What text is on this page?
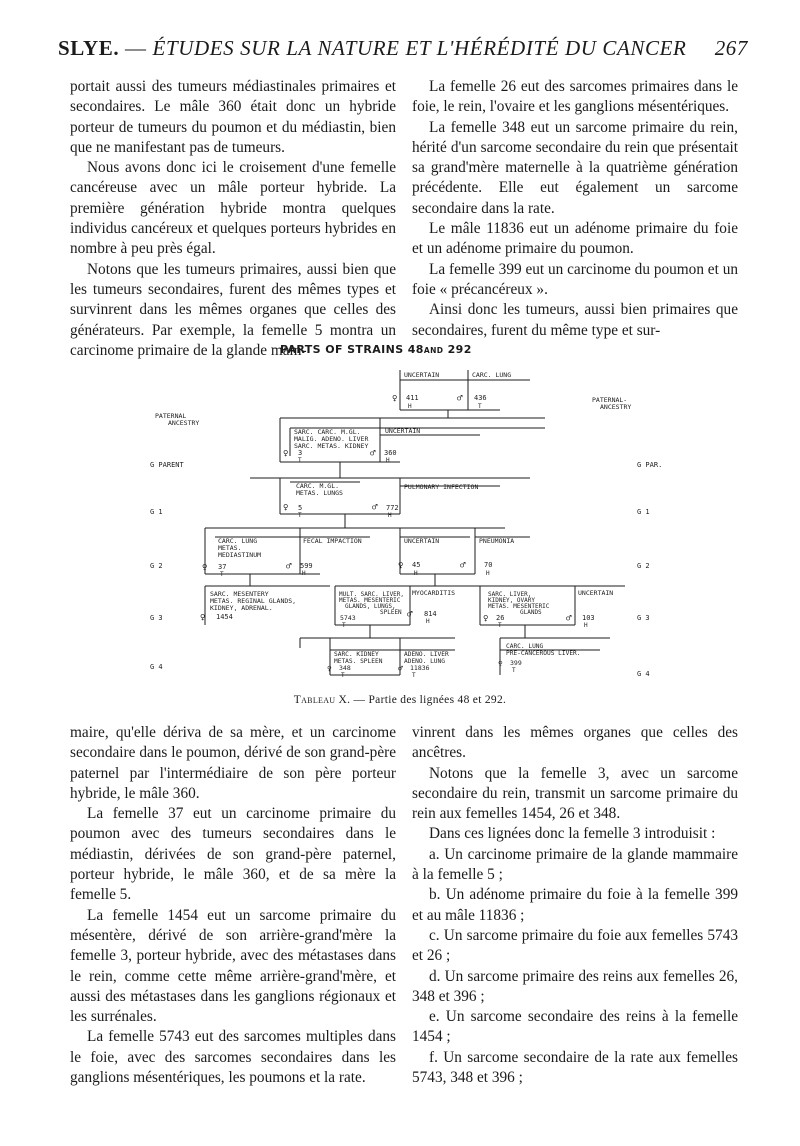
SLYE. — ÉTUDES SUR LA NATURE ET L'HÉRÉDITÉ DU CANCER 267

portait aussi des tumeurs médiastinales primaires et secondaires. Le mâle 360 était donc un hybride porteur de tumeurs du poumon et du médiastin, bien que ne manifestant pas de tumeurs.

Nous avons donc ici le croisement d'une femelle cancéreuse avec un mâle porteur hybride. La première génération hybride montra quelques individus cancéreux et quelques porteurs hybrides en nombre à peu près égal.

Notons que les tumeurs primaires, aussi bien que les tumeurs secondaires, furent des mêmes types et survinrent dans les mêmes organes que celles des générateurs. Par exemple, la femelle 5 montra un carcinome primaire de la glande mam-

La femelle 26 eut des sarcomes primaires dans le foie, le rein, l'ovaire et les ganglions mésentériques.

La femelle 348 eut un sarcome primaire du rein, hérité d'un sarcome secondaire du rein que présentait sa grand'mère maternelle à la quatrième génération précédente. Elle eut également un sarcome secondaire dans la rate.

Le mâle 11836 eut un adénome primaire du foie et un adénome primaire du poumon.

La femelle 399 eut un carcinome du poumon et un foie « précancéreux ».

Ainsi donc les tumeurs, aussi bien primaires que secondaires, furent du même type et sur-

PARTS OF STRAINS 48AND 292
PATERNAL
ANCESTRY
PATERNAL-
ANCESTRY
G PARENT
G 1
G 2
G 3
G 4
G PAR.
G 1
G 2
G 3
G 4
UNCERTAIN	CARC. LUNG
♀ 411
H
♂ 436
T
SARC. CARC. M.GL.
MALIG. ADENO. LIVER
SARC. METAS. KIDNEY
♀ 3
T
UNCERTAIN
♂ 360
H
CARC. M.GL.
METAS. LUNGS
♀ 5
T
PULMONARY INFECTION
♂ 772
H
CARC. LUNG
METAS.
MEDIASTINUM
♀ 37
T
FECAL IMPACTION
♂ 599
H
UNCERTAIN
♀ 45
H
PNEUMONIA
♂	70
H
SARC. MESENTERY
METAS. REGINAL GLANDS,
KIDNEY, ADRENAL.
♀ 1454
MULT. SARC. LIVER,
METAS. MESENTERIC
GLANDS, LUNGS,
SPLEEN
5743
T
MYOCARDITIS
♂ 814
H
SARC. LIVER,
KIDNEY, OVARY
METAS. MESENTERIC
GLANDS
♀ 26
T
UNCERTAIN
♂ 103
H
SARC. KIDNEY
METAS. SPLEEN
♀ 348
T
ADENO. LIVER
ADENO. LUNG
♂ 11836
T
CARC. LUNG
PRE-CANCEROUS LIVER.
♀ 399
T
Tableau X. — Partie des lignées 48 et 292.

maire, qu'elle dériva de sa mère, et un carcinome secondaire dans le poumon, dérivé de son grand-père paternel par l'intermédiaire de son père porteur hybride, le mâle 360.

La femelle 37 eut un carcinome primaire du poumon avec des tumeurs secondaires dans le médiastin, dérivées de son grand-père paternel, porteur hybride, le mâle 360, et de sa mère la femelle 5.

La femelle 1454 eut un sarcome primaire du mésentère, dérivé de son arrière-grand'mère la femelle 3, porteur hybride, avec des métastases dans le rein, comme cette même arrière-grand'mère, et aussi des métastases dans les ganglions régionaux et les surrénales.

La femelle 5743 eut des sarcomes multiples dans le foie, avec des sarcomes secondaires dans les ganglions mésentériques, les poumons et la rate.

vinrent dans les mêmes organes que celles des ancêtres.

Notons que la femelle 3, avec un sarcome secondaire du rein, transmit un sarcome primaire du rein aux femelles 1454, 26 et 348.

Dans ces lignées donc la femelle 3 introduisit :

a. Un carcinome primaire de la glande mammaire à la femelle 5 ;

b. Un adénome primaire du foie à la femelle 399 et au mâle 11836 ;

c. Un sarcome primaire du foie aux femelles 5743 et 26 ;

d. Un sarcome primaire des reins aux femelles 26, 348 et 396 ;

e. Un sarcome secondaire des reins à la femelle 1454 ;

f. Un sarcome secondaire de la rate aux femelles 5743, 348 et 396 ;
